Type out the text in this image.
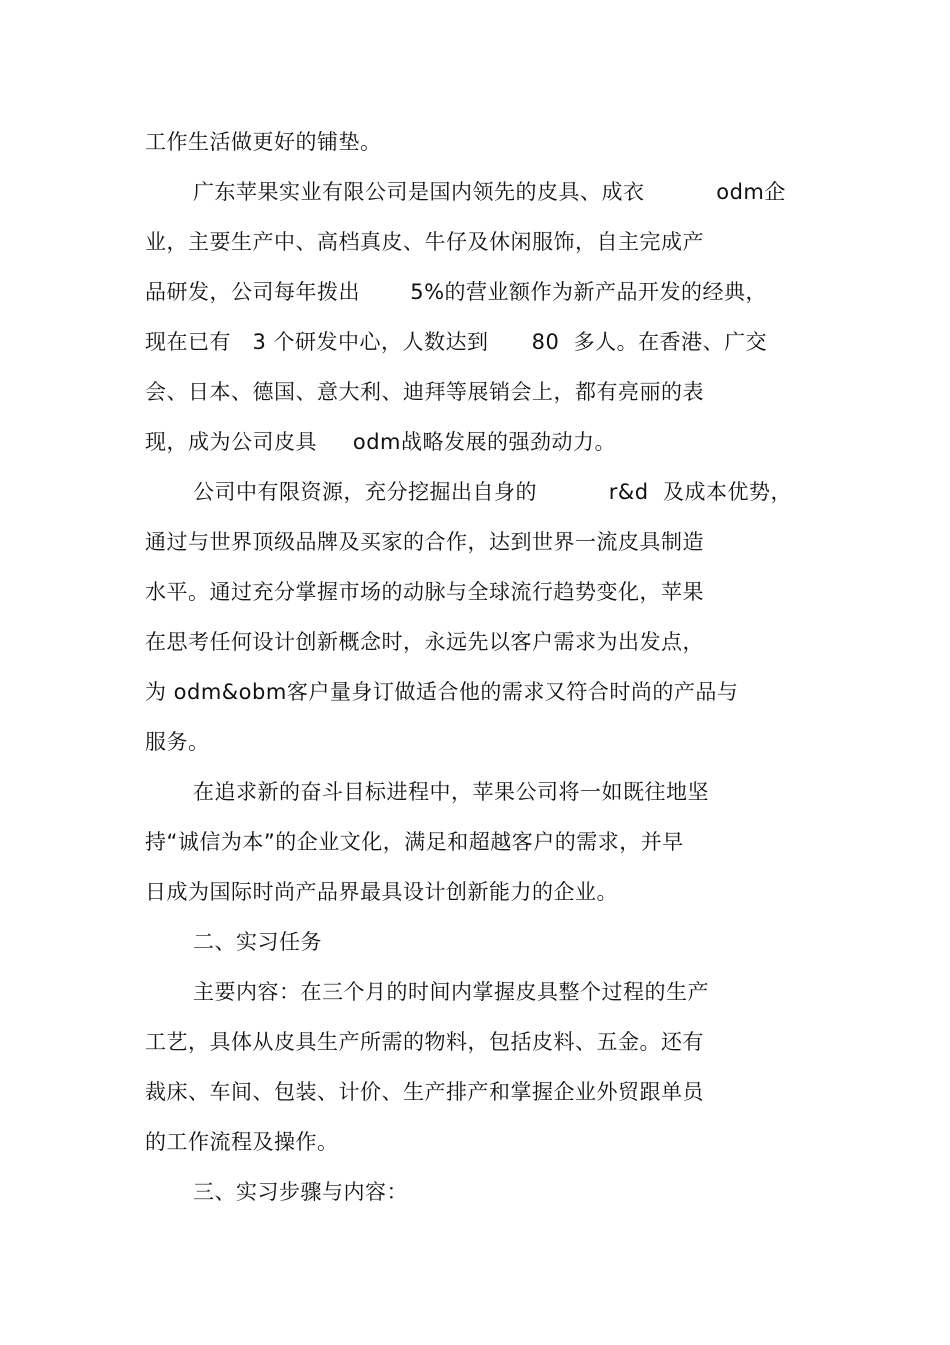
工作生活做更好的铺垫。
广东苹果实业有限公司是国内领先的皮具、成衣          odm企
业，主要生产中、高档真皮、牛仔及休闲服饰，自主完成产
品研发，公司每年拨出       5%的营业额作为新产品开发的经典，
现在已有   3 个研发中心，人数达到      80  多人。在香港、广交
会、日本、德国、意大利、迪拜等展销会上，都有亮丽的表
现，成为公司皮具     odm战略发展的强劲动力。
公司中有限资源，充分挖掘出自身的          r&d  及成本优势，
通过与世界顶级品牌及买家的合作，达到世界一流皮具制造
水平。通过充分掌握市场的动脉与全球流行趋势变化，苹果
在思考任何设计创新概念时，永远先以客户需求为出发点，
为 odm&obm客户量身订做适合他的需求又符合时尚的产品与
服务。
在追求新的奋斗目标进程中，苹果公司将一如既往地坚
持“诚信为本”的企业文化，满足和超越客户的需求，并早
日成为国际时尚产品界最具设计创新能力的企业。
二、实习任务
主要内容：在三个月的时间内掌握皮具整个过程的生产
工艺，具体从皮具生产所需的物料，包括皮料、五金。还有
裁床、车间、包装、计价、生产排产和掌握企业外贸跟单员
的工作流程及操作。
三、实习步骤与内容：
